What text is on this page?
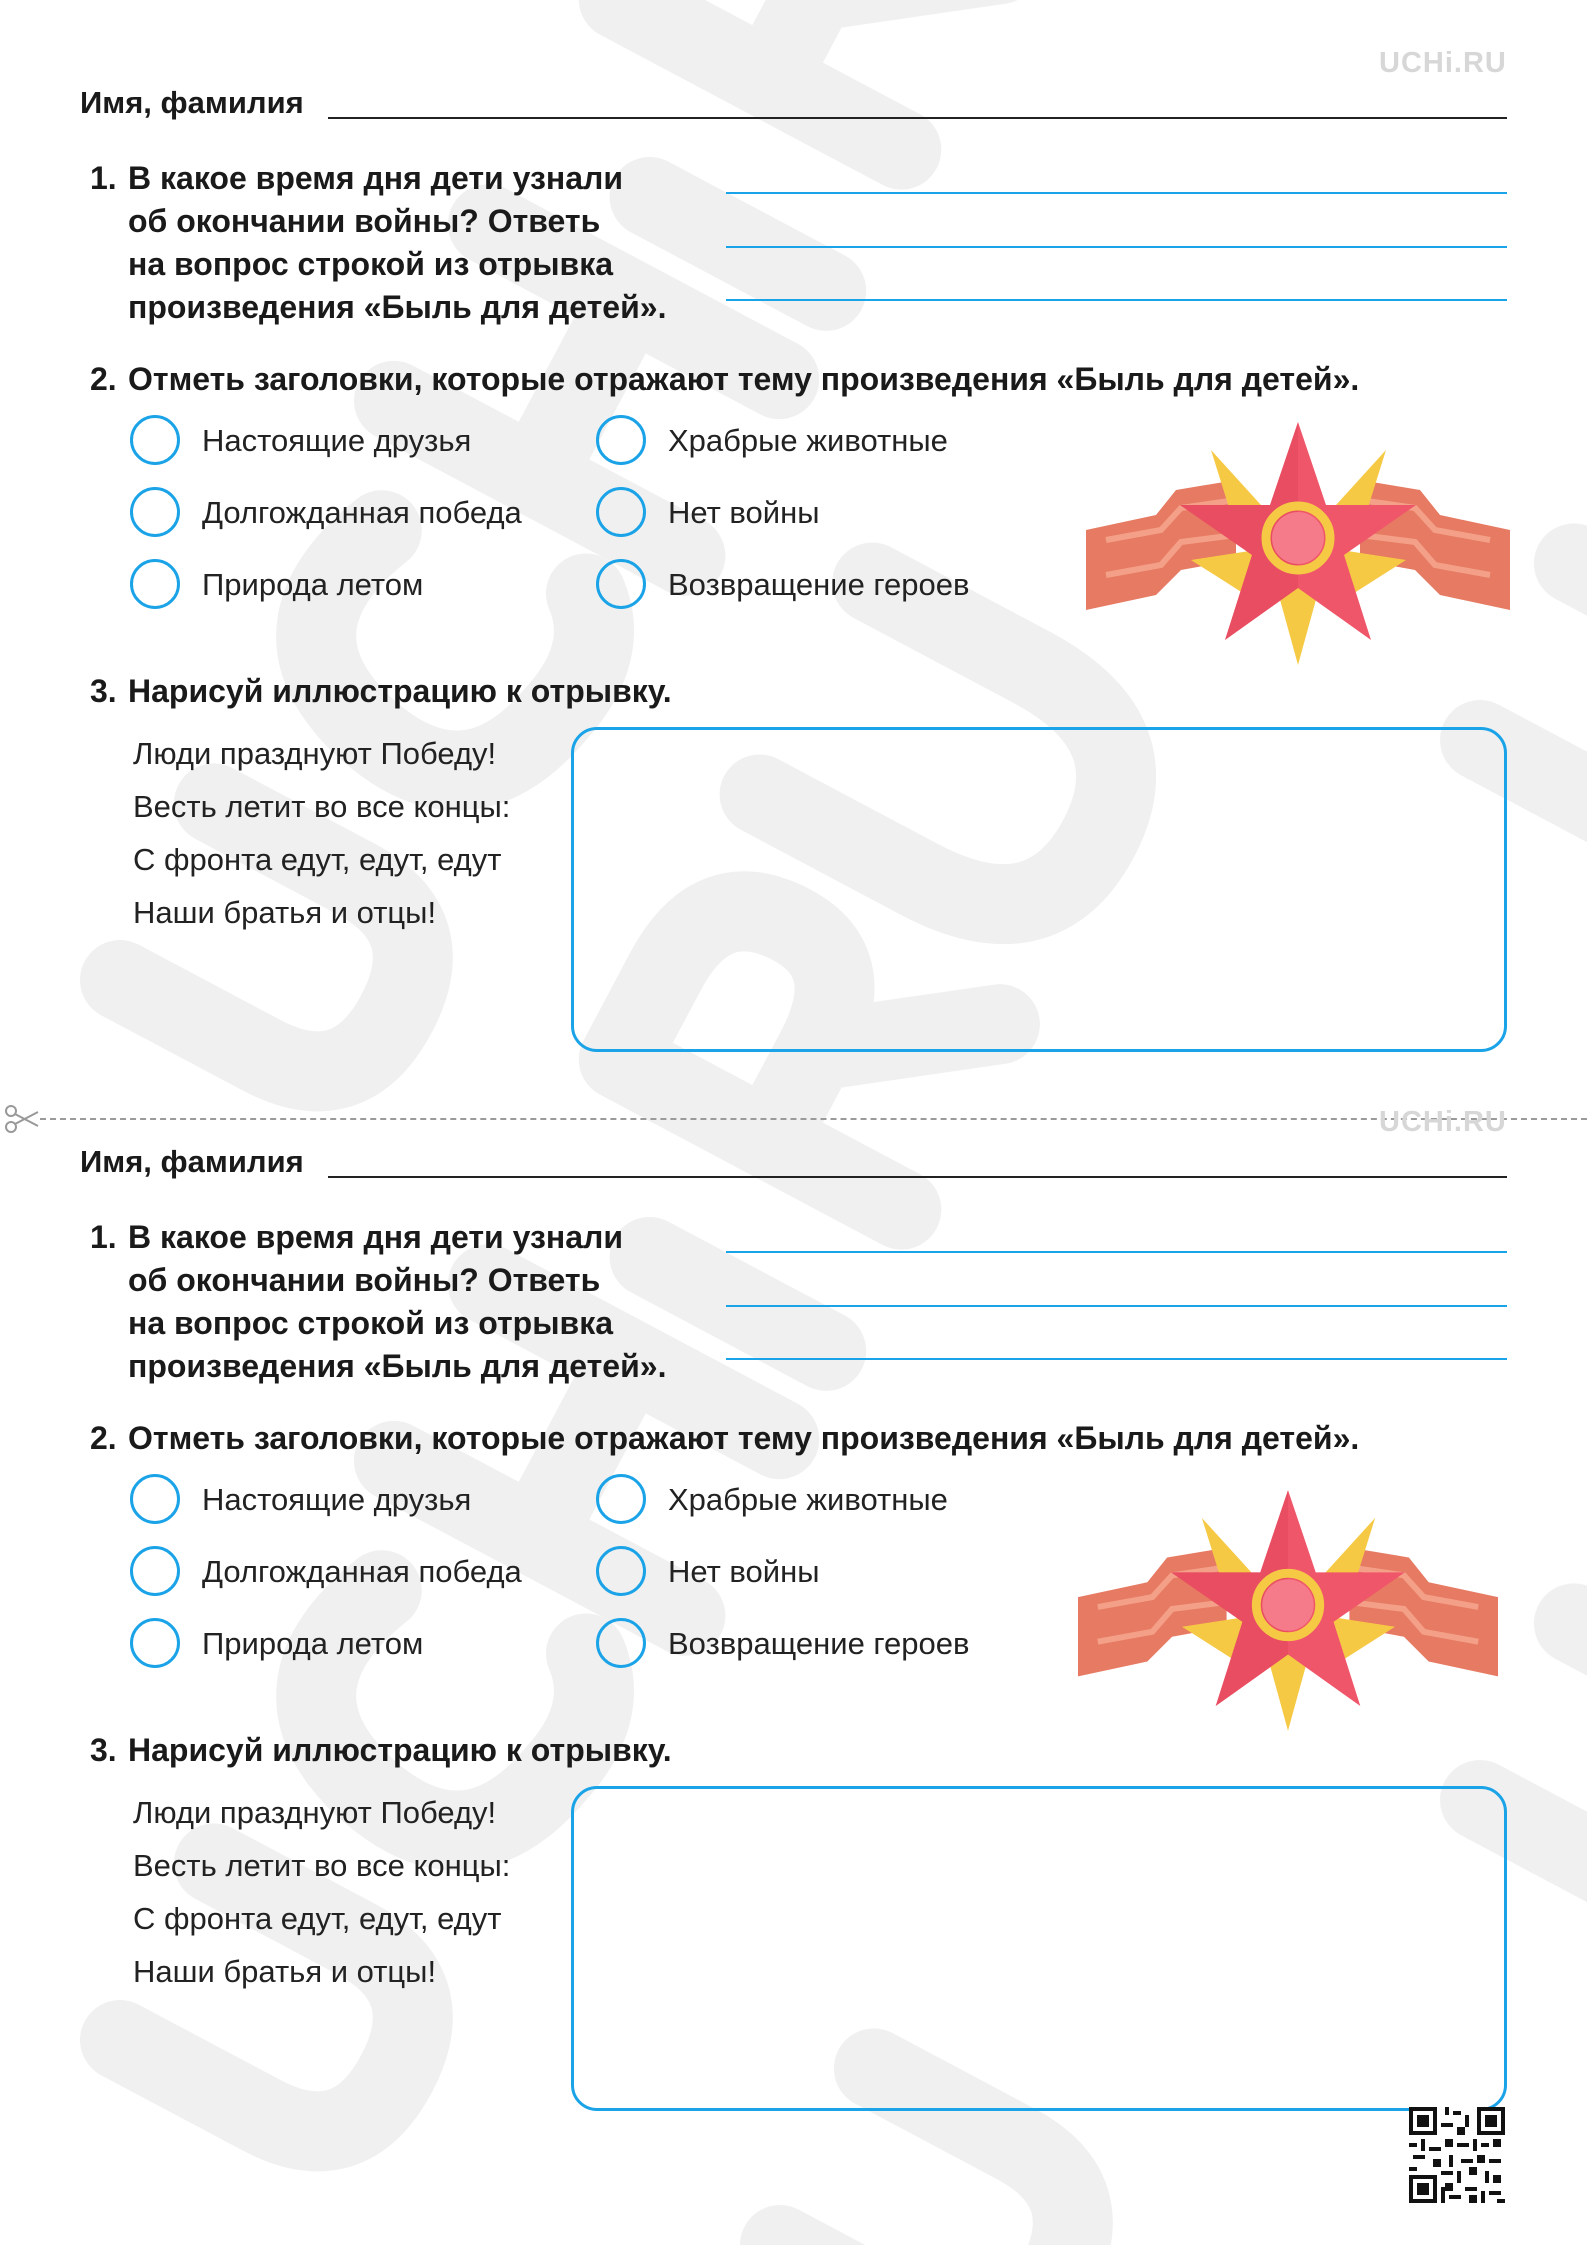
UCHi.RU
Имя, фамилия
1. В какое время дня дети узнали
об окончании войны? Ответь
на вопрос строкой из отрывка
произведения «Быль для детей».
2. Отметь заголовки, которые отражают тему произведения «Быль для детей».
Настоящие друзья
Долгожданная победа
Природа летом
Храбрые животные
Нет войны
Возвращение героев
3. Нарисуй иллюстрацию к отрывку.
Люди празднуют Победу!
Весть летит во все концы:
С фронта едут, едут, едут
Наши братья и отцы!
UCHi.RU
Имя, фамилия
1. В какое время дня дети узнали
об окончании войны? Ответь
на вопрос строкой из отрывка
произведения «Быль для детей».
2. Отметь заголовки, которые отражают тему произведения «Быль для детей».
Настоящие друзья
Долгожданная победа
Природа летом
Храбрые животные
Нет войны
Возвращение героев
3. Нарисуй иллюстрацию к отрывку.
Люди празднуют Победу!
Весть летит во все концы:
С фронта едут, едут, едут
Наши братья и отцы!
